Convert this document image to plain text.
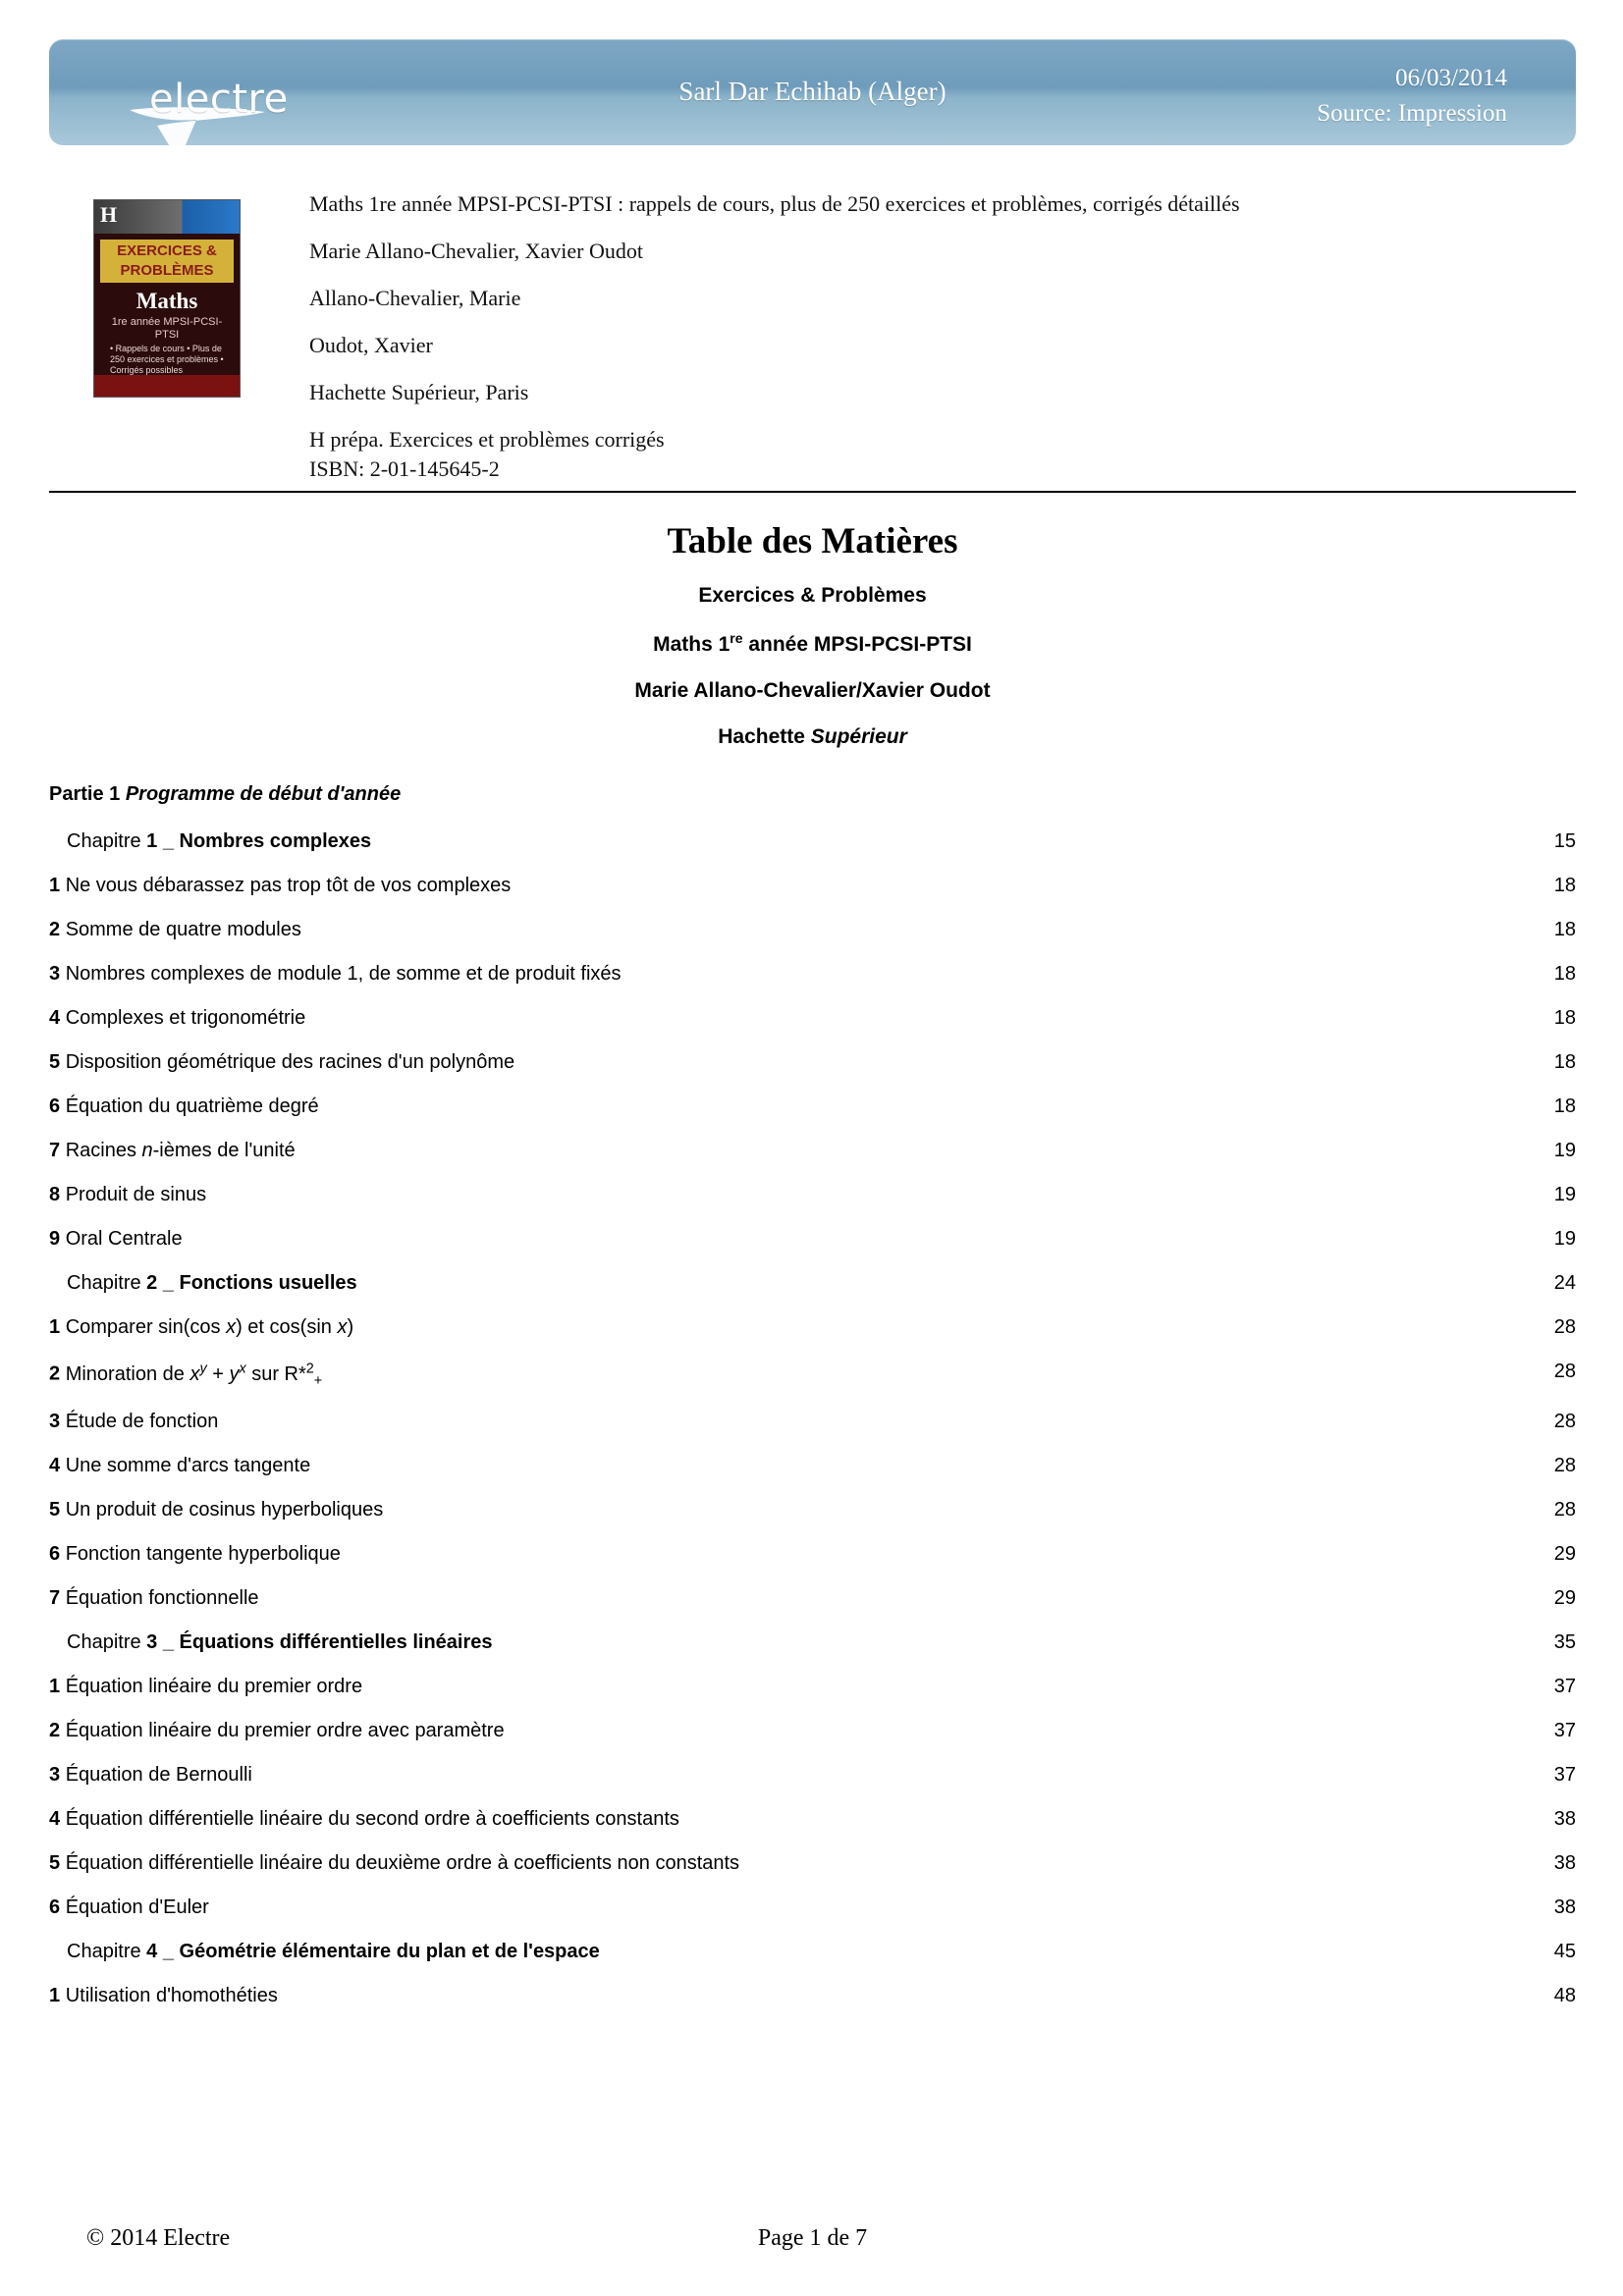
electre	Sarl Dar Echihab (Alger)	06/03/2014
Source: Impression
H
EXERCICES & PROBLÈMES
Maths
1re année MPSI-PCSI-PTSI
• Rappels de cours • Plus de 250 exercices et problèmes • Corrigés possibles
Maths 1re année MPSI-PCSI-PTSI : rappels de cours, plus de 250 exercices et problèmes, corrigés détaillés
Marie Allano-Chevalier, Xavier Oudot
Allano-Chevalier, Marie
Oudot, Xavier
Hachette Supérieur, Paris
H prépa. Exercices et problèmes corrigés
ISBN: 2-01-145645-2
Table des Matières
Exercices & Problèmes
Maths 1re année MPSI-PCSI-PTSI
Marie Allano-Chevalier/Xavier Oudot
Hachette Supérieur
Partie 1 Programme de début d'année
Chapitre 1 _ Nombres complexes	15
1 Ne vous débarassez pas trop tôt de vos complexes	18
2 Somme de quatre modules	18
3 Nombres complexes de module 1, de somme et de produit fixés	18
4 Complexes et trigonométrie	18
5 Disposition géométrique des racines d'un polynôme	18
6 Équation du quatrième degré	18
7 Racines n-ièmes de l'unité	19
8 Produit de sinus	19
9 Oral Centrale	19
Chapitre 2 _ Fonctions usuelles	24
1 Comparer sin(cos x) et cos(sin x)	28
2 Minoration de $x^y + y^x$ sur R*$^2_+$	28
3 Étude de fonction	28
4 Une somme d'arcs tangente	28
5 Un produit de cosinus hyperboliques	28
6 Fonction tangente hyperbolique	29
7 Équation fonctionnelle	29
Chapitre 3 _ Équations différentielles linéaires	35
1 Équation linéaire du premier ordre	37
2 Équation linéaire du premier ordre avec paramètre	37
3 Équation de Bernoulli	37
4 Équation différentielle linéaire du second ordre à coefficients constants	38
5 Équation différentielle linéaire du deuxième ordre à coefficients non constants	38
6 Équation d'Euler	38
Chapitre 4 _ Géométrie élémentaire du plan et de l'espace	45
1 Utilisation d'homothéties	48
© 2014 Electre	Page 1 de 7
